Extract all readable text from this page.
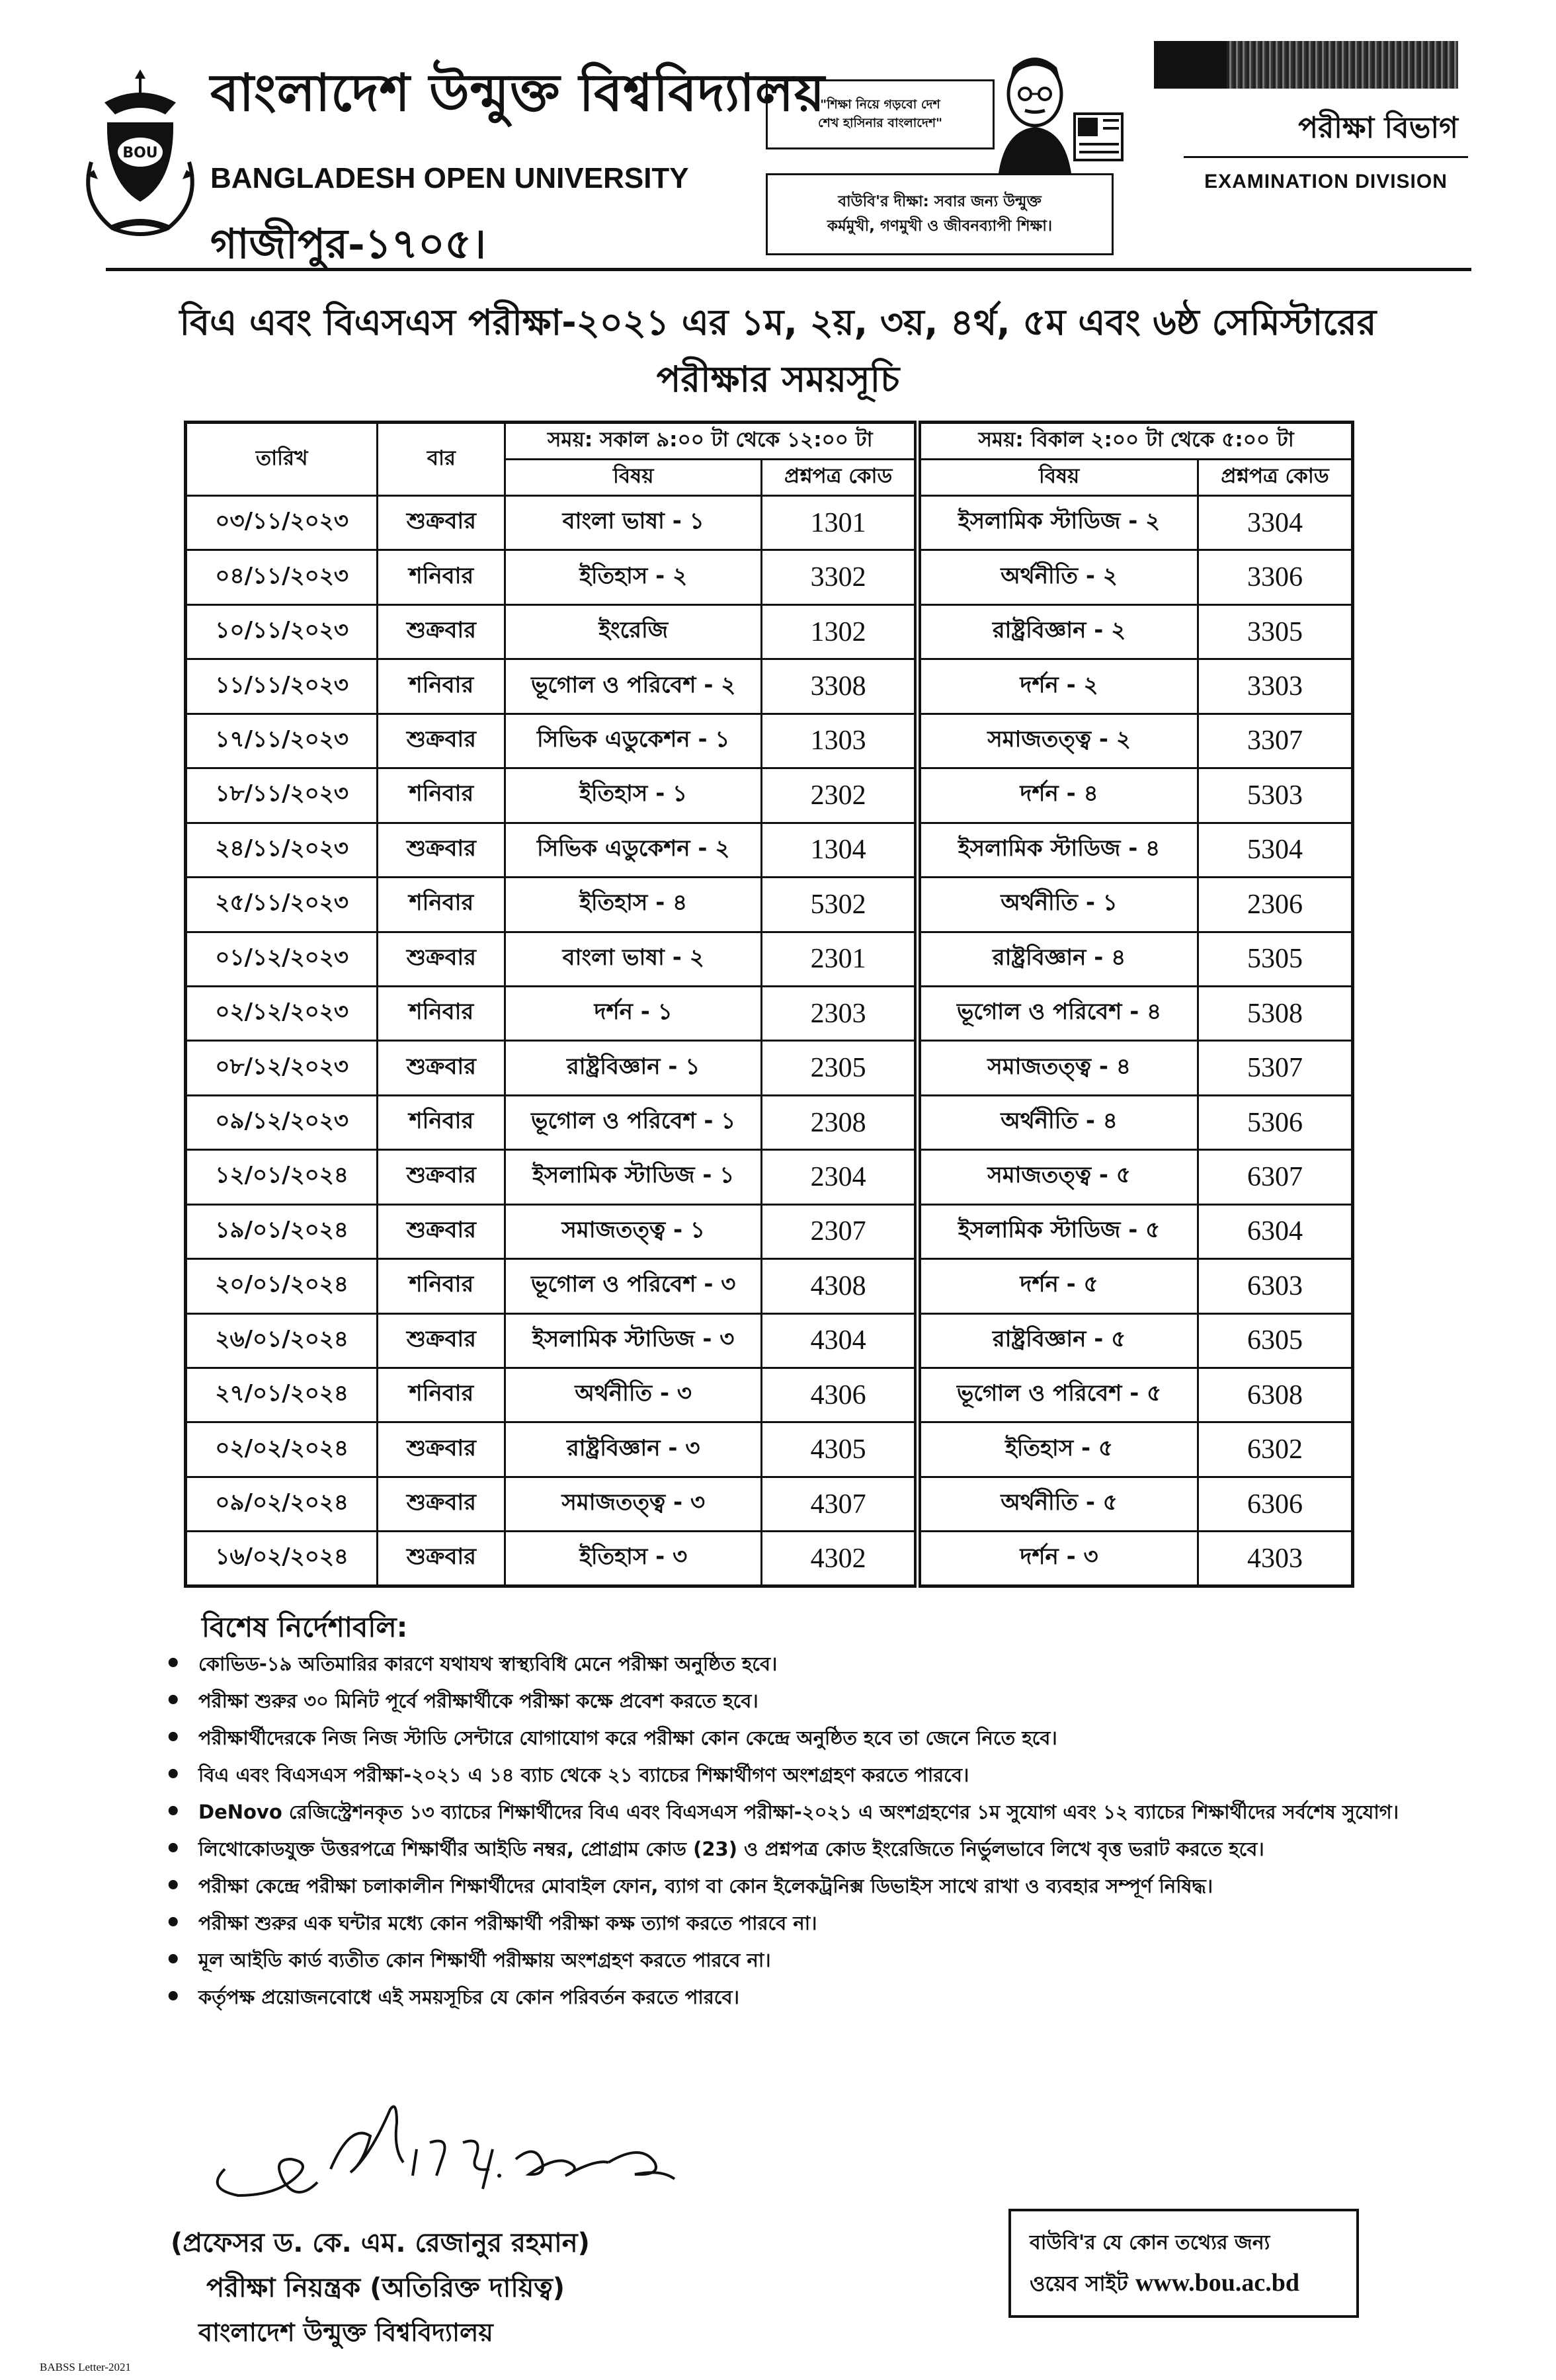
BOU
বাংলাদেশ উন্মুক্ত বিশ্ববিদ্যালয়
BANGLADESH OPEN UNIVERSITY
গাজীপুর-১৭০৫।
"শিক্ষা নিয়ে গড়বো দেশ
শেখ হাসিনার বাংলাদেশ"
বাউবি'র দীক্ষা: সবার জন্য উন্মুক্ত
কর্মমুখী, গণমুখী ও জীবনব্যাপী শিক্ষা।
পরীক্ষা বিভাগ
EXAMINATION DIVISION
বিএ এবং বিএসএস পরীক্ষা-২০২১ এর ১ম, ২য়, ৩য়, ৪র্থ, ৫ম এবং ৬ষ্ঠ সেমিস্টারের
পরীক্ষার সময়সূচি
তারিখ	বার	সময়: সকাল ৯:০০ টা থেকে ১২:০০ টা		সময়: বিকাল ২:০০ টা থেকে ৫:০০ টা	
		বিষয়	প্রশ্নপত্র কোড	বিষয়	প্রশ্নপত্র কোড
০৩/১১/২০২৩	শুক্রবার	বাংলা ভাষা - ১	1301	ইসলামিক স্টাডিজ - ২	3304
০৪/১১/২০২৩	শনিবার	ইতিহাস - ২	3302	অর্থনীতি - ২	3306
১০/১১/২০২৩	শুক্রবার	ইংরেজি	1302	রাষ্ট্রবিজ্ঞান - ২	3305
১১/১১/২০২৩	শনিবার	ভূগোল ও পরিবেশ - ২	3308	দর্শন - ২	3303
১৭/১১/২০২৩	শুক্রবার	সিভিক এডুকেশন - ১	1303	সমাজতত্ত্ব - ২	3307
১৮/১১/২০২৩	শনিবার	ইতিহাস - ১	2302	দর্শন - ৪	5303
২৪/১১/২০২৩	শুক্রবার	সিভিক এডুকেশন - ২	1304	ইসলামিক স্টাডিজ - ৪	5304
২৫/১১/২০২৩	শনিবার	ইতিহাস - ৪	5302	অর্থনীতি - ১	2306
০১/১২/২০২৩	শুক্রবার	বাংলা ভাষা - ২	2301	রাষ্ট্রবিজ্ঞান - ৪	5305
০২/১২/২০২৩	শনিবার	দর্শন - ১	2303	ভূগোল ও পরিবেশ - ৪	5308
০৮/১২/২০২৩	শুক্রবার	রাষ্ট্রবিজ্ঞান - ১	2305	সমাজতত্ত্ব - ৪	5307
০৯/১২/২০২৩	শনিবার	ভূগোল ও পরিবেশ - ১	2308	অর্থনীতি - ৪	5306
১২/০১/২০২৪	শুক্রবার	ইসলামিক স্টাডিজ - ১	2304	সমাজতত্ত্ব - ৫	6307
১৯/০১/২০২৪	শুক্রবার	সমাজতত্ত্ব - ১	2307	ইসলামিক স্টাডিজ - ৫	6304
২০/০১/২০২৪	শনিবার	ভূগোল ও পরিবেশ - ৩	4308	দর্শন - ৫	6303
২৬/০১/২০২৪	শুক্রবার	ইসলামিক স্টাডিজ - ৩	4304	রাষ্ট্রবিজ্ঞান - ৫	6305
২৭/০১/২০২৪	শনিবার	অর্থনীতি - ৩	4306	ভূগোল ও পরিবেশ - ৫	6308
০২/০২/২০২৪	শুক্রবার	রাষ্ট্রবিজ্ঞান - ৩	4305	ইতিহাস - ৫	6302
০৯/০২/২০২৪	শুক্রবার	সমাজতত্ত্ব - ৩	4307	অর্থনীতি - ৫	6306
১৬/০২/২০২৪	শুক্রবার	ইতিহাস - ৩	4302	দর্শন - ৩	4303
বিশেষ নির্দেশাবলি:
• কোভিড-১৯ অতিমারির কারণে যথাযথ স্বাস্থ্যবিধি মেনে পরীক্ষা অনুষ্ঠিত হবে।
• পরীক্ষা শুরুর ৩০ মিনিট পূর্বে পরীক্ষার্থীকে পরীক্ষা কক্ষে প্রবেশ করতে হবে।
• পরীক্ষার্থীদেরকে নিজ নিজ স্টাডি সেন্টারে যোগাযোগ করে পরীক্ষা কোন কেন্দ্রে অনুষ্ঠিত হবে তা জেনে নিতে হবে।
• বিএ এবং বিএসএস পরীক্ষা-২০২১ এ ১৪ ব্যাচ থেকে ২১ ব্যাচের শিক্ষার্থীগণ অংশগ্রহণ করতে পারবে।
• DeNovo রেজিস্ট্রেশনকৃত ১৩ ব্যাচের শিক্ষার্থীদের বিএ এবং বিএসএস পরীক্ষা-২০২১ এ অংশগ্রহণের ১ম সুযোগ এবং ১২ ব্যাচের শিক্ষার্থীদের সর্বশেষ সুযোগ।
• লিথোকোডযুক্ত উত্তরপত্রে শিক্ষার্থীর আইডি নম্বর, প্রোগ্রাম কোড (23) ও প্রশ্নপত্র কোড ইংরেজিতে নির্ভুলভাবে লিখে বৃত্ত ভরাট করতে হবে।
• পরীক্ষা কেন্দ্রে পরীক্ষা চলাকালীন শিক্ষার্থীদের মোবাইল ফোন, ব্যাগ বা কোন ইলেকট্রনিক্স ডিভাইস সাথে রাখা ও ব্যবহার সম্পূর্ণ নিষিদ্ধ।
• পরীক্ষা শুরুর এক ঘন্টার মধ্যে কোন পরীক্ষার্থী পরীক্ষা কক্ষ ত্যাগ করতে পারবে না।
• মূল আইডি কার্ড ব্যতীত কোন শিক্ষার্থী পরীক্ষায় অংশগ্রহণ করতে পারবে না।
• কর্তৃপক্ষ প্রয়োজনবোধে এই সময়সূচির যে কোন পরিবর্তন করতে পারবে।
(প্রফেসর ড. কে. এম. রেজানুর রহমান)
পরীক্ষা নিয়ন্ত্রক (অতিরিক্ত দায়িত্ব)
বাংলাদেশ উন্মুক্ত বিশ্ববিদ্যালয়
BABSS Letter-2021
বাউবি'র যে কোন তথ্যের জন্য
ওয়েব সাইট www.bou.ac.bd
